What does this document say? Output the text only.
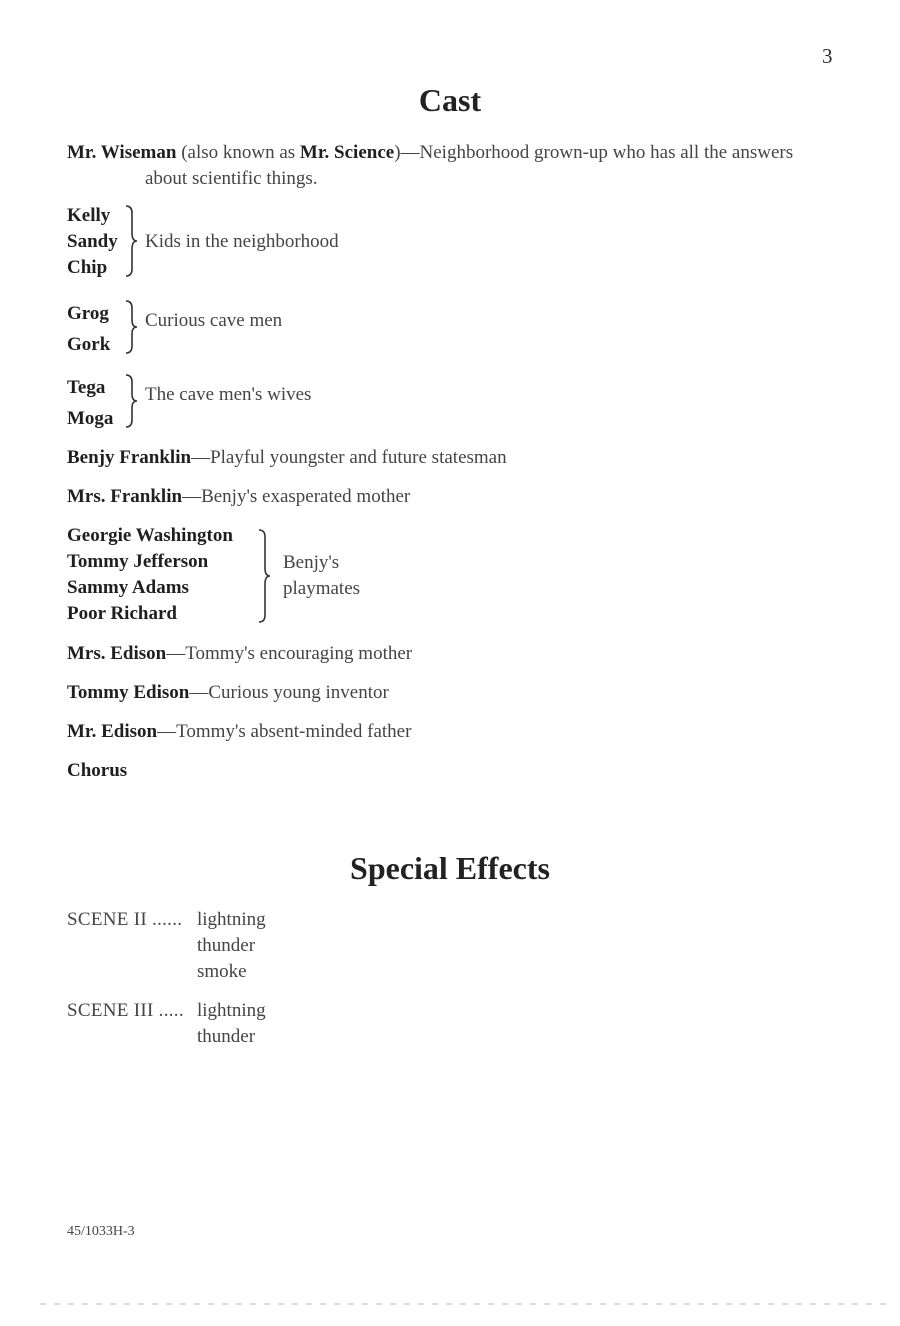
3
Cast
Mr. Wiseman (also known as Mr. Science)—Neighborhood grown-up who has all the answers
about scientific things.
Kelly
Sandy
Chip
Kids in the neighborhood
Grog
Gork
Curious cave men
Tega
Moga
The cave men's wives
Benjy Franklin—Playful youngster and future statesman
Mrs. Franklin—Benjy's exasperated mother
Georgie Washington
Tommy Jefferson
Sammy Adams
Poor Richard
Benjy's
playmates
Mrs. Edison—Tommy's encouraging mother
Tommy Edison—Curious young inventor
Mr. Edison—Tommy's absent-minded father
Chorus
Special Effects
SCENE II ...... lightning
thunder
smoke
SCENE III ..... lightning
thunder
45/1033H-3
